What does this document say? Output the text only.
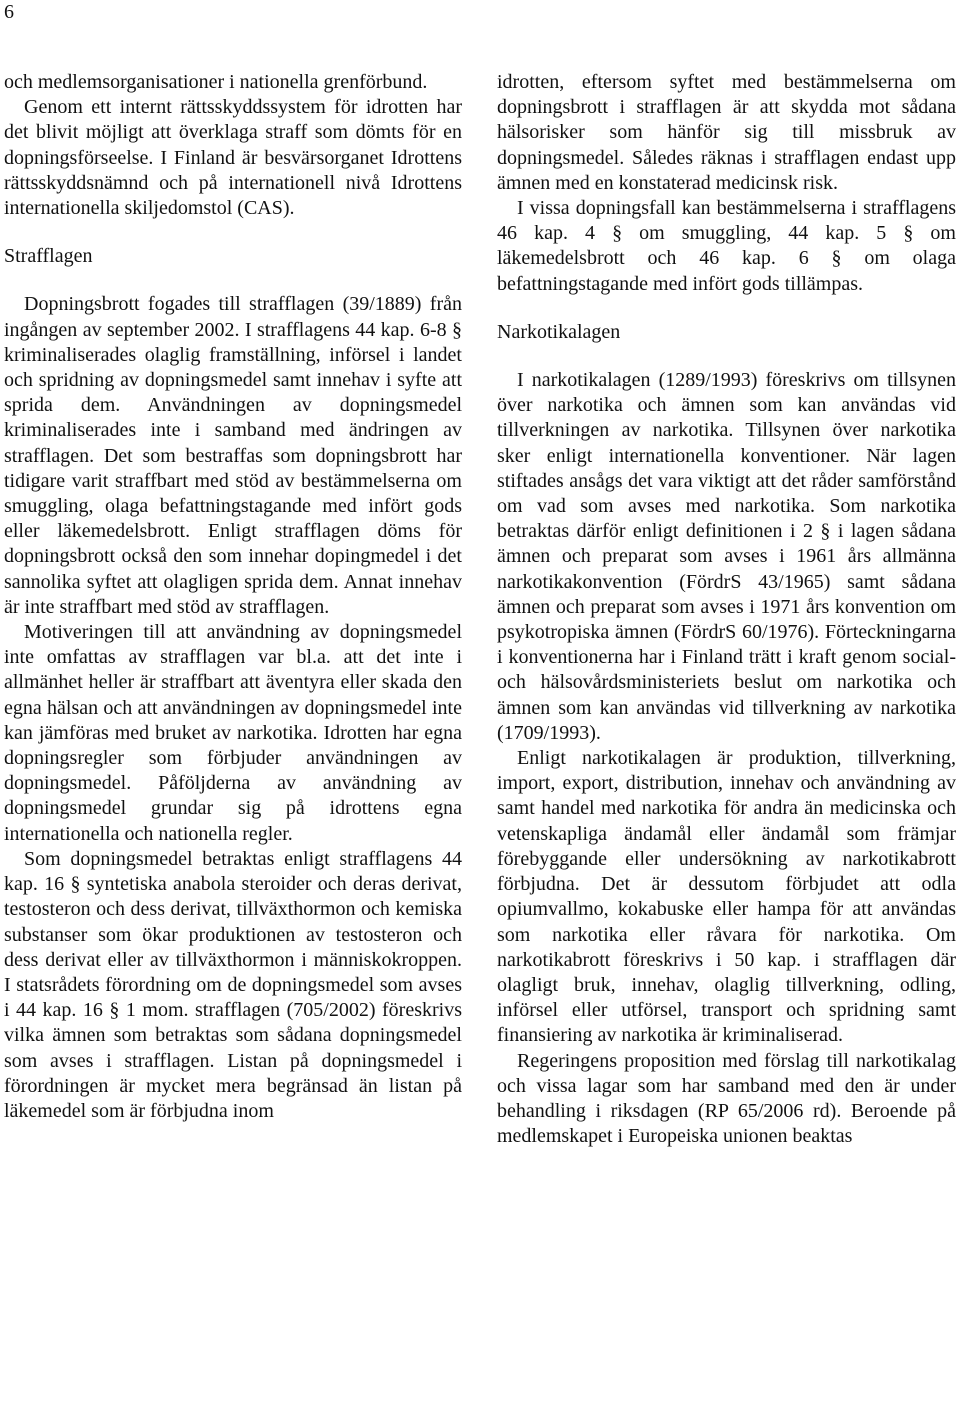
6

och medlemsorganisationer i nationella grenförbund.

Genom ett internt rättsskyddssystem för idrotten har det blivit möjligt att överklaga straff som dömts för en dopningsförseelse. I Finland är besvärsorganet Idrottens rättsskyddsnämnd och på internationell nivå Idrottens internationella skiljedomstol (CAS).

Strafflagen

Dopningsbrott fogades till strafflagen (39/1889) från ingången av september 2002. I strafflagens 44 kap. 6-8 § kriminaliserades olaglig framställning, införsel i landet och spridning av dopningsmedel samt innehav i syfte att sprida dem. Användningen av dopningsmedel kriminaliserades inte i samband med ändringen av strafflagen. Det som bestraffas som dopningsbrott har tidigare varit straffbart med stöd av bestämmelserna om smuggling, olaga befattningstagande med infört gods eller läkemedelsbrott. Enligt strafflagen döms för dopningsbrott också den som innehar dopingmedel i det sannolika syftet att olagligen sprida dem. Annat innehav är inte straffbart med stöd av strafflagen.

Motiveringen till att användning av dopningsmedel inte omfattas av strafflagen var bl.a. att det inte i allmänhet heller är straffbart att äventyra eller skada den egna hälsan och att användningen av dopningsmedel inte kan jämföras med bruket av narkotika. Idrotten har egna dopningsregler som förbjuder användningen av dopningsmedel. Påföljderna av användning av dopningsmedel grundar sig på idrottens egna internationella och nationella regler.

Som dopningsmedel betraktas enligt strafflagens 44 kap. 16 § syntetiska anabola steroider och deras derivat, testosteron och dess derivat, tillväxthormon och kemiska substanser som ökar produktionen av testosteron och dess derivat eller av tillväxthormon i människokroppen. I statsrådets förordning om de dopningsmedel som avses i 44 kap. 16 § 1 mom. strafflagen (705/2002) föreskrivs vilka ämnen som betraktas som sådana dopningsmedel som avses i strafflagen. Listan på dopningsmedel i förordningen är mycket mera begränsad än listan på läkemedel som är förbjudna inom

idrotten, eftersom syftet med bestämmelserna om dopningsbrott i strafflagen är att skydda mot sådana hälsorisker som hänför sig till missbruk av dopningsmedel. Således räknas i strafflagen endast upp ämnen med en konstaterad medicinsk risk.

I vissa dopningsfall kan bestämmelserna i strafflagens 46 kap. 4 § om smuggling, 44 kap. 5 § om läkemedelsbrott och 46 kap. 6 § om olaga befattningstagande med infört gods tillämpas.

Narkotikalagen

I narkotikalagen (1289/1993) föreskrivs om tillsynen över narkotika och ämnen som kan användas vid tillverkningen av narkotika. Tillsynen över narkotika sker enligt internationella konventioner. När lagen stiftades ansågs det vara viktigt att det råder samförstånd om vad som avses med narkotika. Som narkotika betraktas därför enligt definitionen i 2 § i lagen sådana ämnen och preparat som avses i 1961 års allmänna narkotikakonvention (FördrS 43/1965) samt sådana ämnen och preparat som avses i 1971 års konvention om psykotropiska ämnen (FördrS 60/1976). Förteckningarna i konventionerna har i Finland trätt i kraft genom social- och hälsovårdsministeriets beslut om narkotika och ämnen som kan användas vid tillverkning av narkotika (1709/1993).

Enligt narkotikalagen är produktion, tillverkning, import, export, distribution, innehav och användning av samt handel med narkotika för andra än medicinska och vetenskapliga ändamål eller ändamål som främjar förebyggande eller undersökning av narkotikabrott förbjudna. Det är dessutom förbjudet att odla opiumvallmo, kokabuske eller hampa för att användas som narkotika eller råvara för narkotika. Om narkotikabrott föreskrivs i 50 kap. i strafflagen där olagligt bruk, innehav, olaglig tillverkning, odling, införsel eller utförsel, transport och spridning samt finansiering av narkotika är kriminaliserad.

Regeringens proposition med förslag till narkotikalag och vissa lagar som har samband med den är under behandling i riksdagen (RP 65/2006 rd). Beroende på medlemskapet i Europeiska unionen beaktas
